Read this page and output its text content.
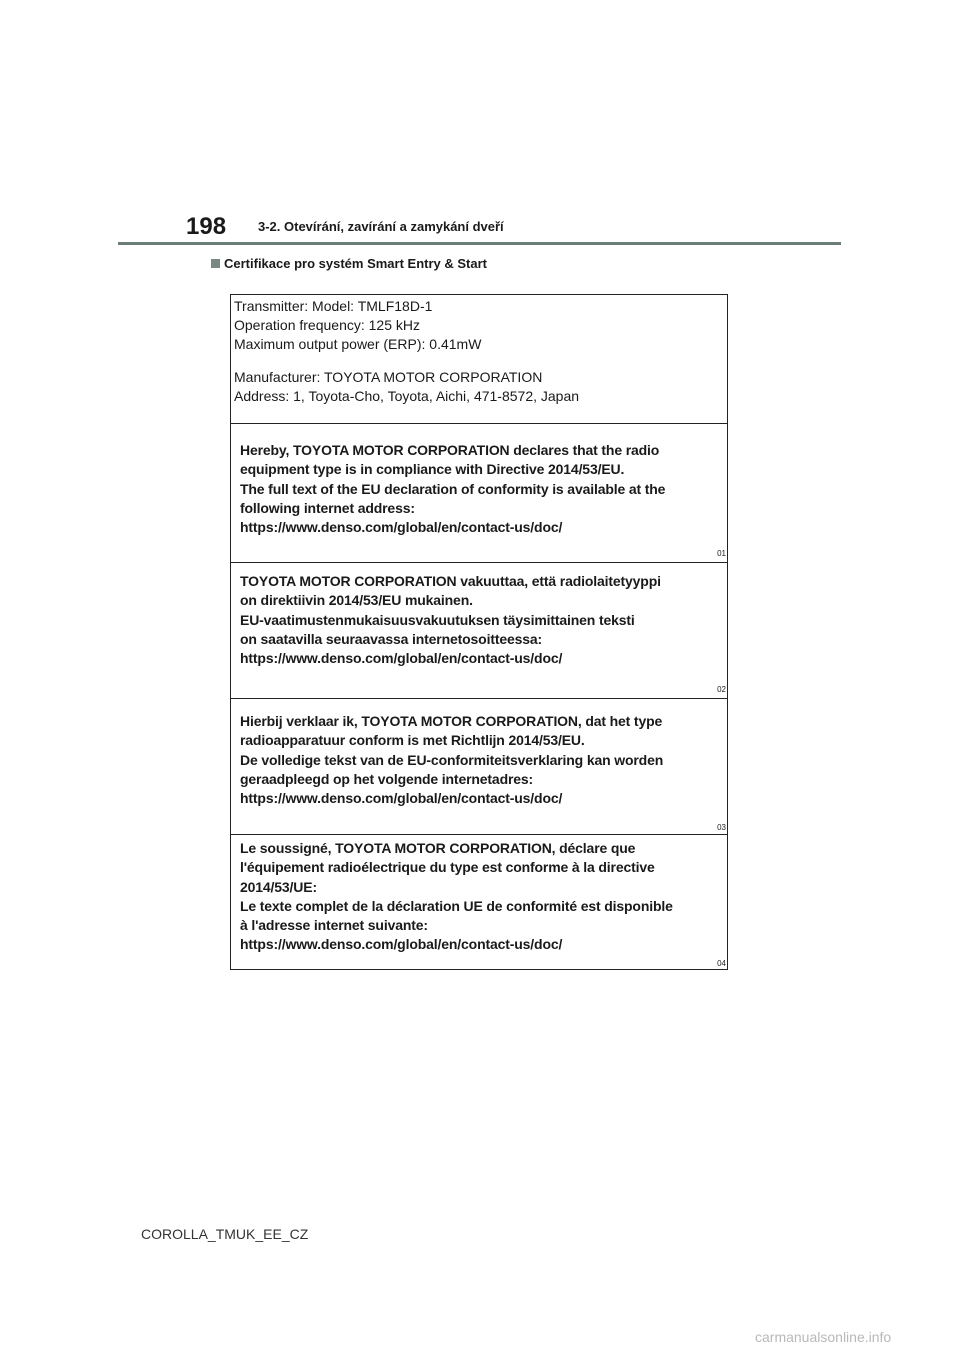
198 3-2. Otevírání, zavírání a zamykání dveří
Certifikace pro systém Smart Entry & Start
Transmitter: Model: TMLF18D-1
Operation frequency: 125 kHz
Maximum output power (ERP): 0.41mW
Manufacturer: TOYOTA MOTOR CORPORATION
Address: 1, Toyota-Cho, Toyota, Aichi, 471-8572, Japan
Hereby, TOYOTA MOTOR CORPORATION declares that the radio
equipment type is in compliance with Directive 2014/53/EU.
The full text of the EU declaration of conformity is available at the
following internet address:
https://www.denso.com/global/en/contact-us/doc/
01
TOYOTA MOTOR CORPORATION vakuuttaa, että radiolaitetyyppi
on direktiivin 2014/53/EU mukainen.
EU-vaatimustenmukaisuusvakuutuksen täysimittainen teksti
on saatavilla seuraavassa internetosoitteessa:
https://www.denso.com/global/en/contact-us/doc/
02
Hierbij verklaar ik, TOYOTA MOTOR CORPORATION, dat het type
radioapparatuur conform is met Richtlijn 2014/53/EU.
De volledige tekst van de EU-conformiteitsverklaring kan worden
geraadpleegd op het volgende internetadres:
https://www.denso.com/global/en/contact-us/doc/
03
Le soussigné, TOYOTA MOTOR CORPORATION, déclare que
l'équipement radioélectrique du type est conforme à la directive
2014/53/UE:
Le texte complet de la déclaration UE de conformité est disponible
à l'adresse internet suivante:
https://www.denso.com/global/en/contact-us/doc/
04
COROLLA_TMUK_EE_CZ
carmanualsonline.info
